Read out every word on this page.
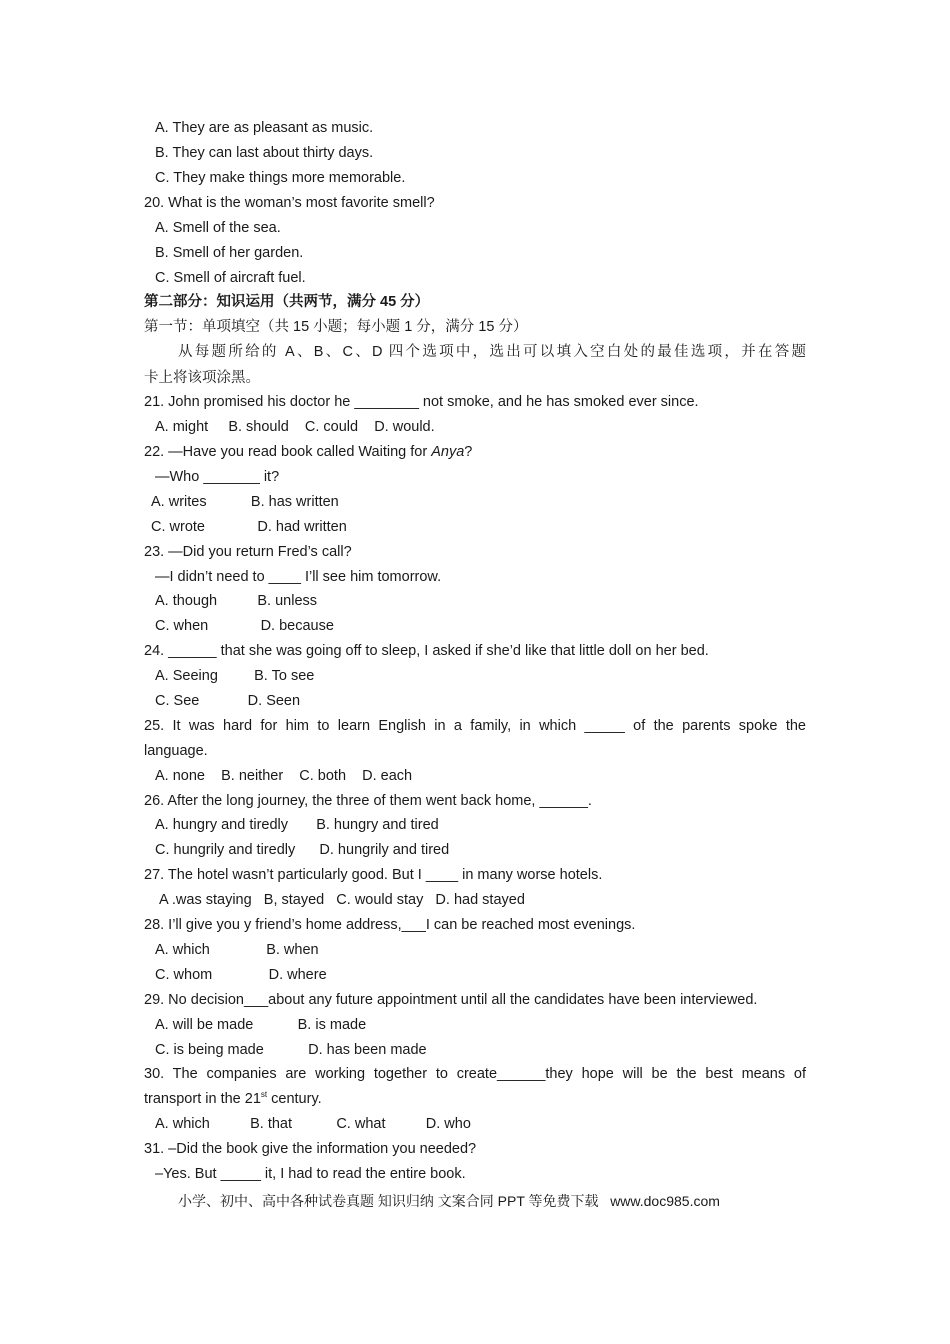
A. They are as pleasant as music.
B. They can last about thirty days.
C. They make things more memorable.
20. What is the woman’s most favorite smell?
A. Smell of the sea.
B. Smell of her garden.
C. Smell of aircraft fuel.
第二部分：知识运用（共两节，满分 45 分）
第一节：单项填空（共 15 小题；每小题 1 分，满分 15 分）
从每题所给的 A、B、C、D 四个选项中，选出可以填入空白处的最佳选项，并在答题
卡上将该项涂黑。
21. John promised his doctor he ________ not smoke, and he has smoked ever since.
A. might     B. should    C. could    D. would.
22. —Have you read book called Waiting for Anya?
—Who _______ it?
A. writes           B. has written
C. wrote             D. had written
23. —Did you return Fred’s call?
—I didn’t need to ____ I’ll see him tomorrow.
A. though          B. unless
C. when             D. because
24. ______ that she was going off to sleep, I asked if she’d like that little doll on her bed.
A. Seeing         B. To see
C. See            D. Seen
25. It was hard for him to learn English in a family, in which _____ of the parents spoke the
language.
A. none    B. neither    C. both    D. each
26. After the long journey, the three of them went back home, ______.
A. hungry and tiredly       B. hungry and tired
C. hungrily and tiredly      D. hungrily and tired
27. The hotel wasn’t particularly good. But I ____ in many worse hotels.
A .was staying   B, stayed   C. would stay   D. had stayed
28. I’ll give you y friend’s home address,___I can be reached most evenings.
A. which              B. when
C. whom              D. where
29. No decision___about any future appointment until all the candidates have been interviewed.
A. will be made           B. is made
C. is being made           D. has been made
30. The companies are working together to create______they hope will be the best means of
transport in the 21st century.
A. which          B. that           C. what          D. who
31. –Did the book give the information you needed?
–Yes. But _____ it, I had to read the entire book.
小学、初中、高中各种试卷真题 知识归纳 文案合同 PPT 等免费下载   www.doc985.com
